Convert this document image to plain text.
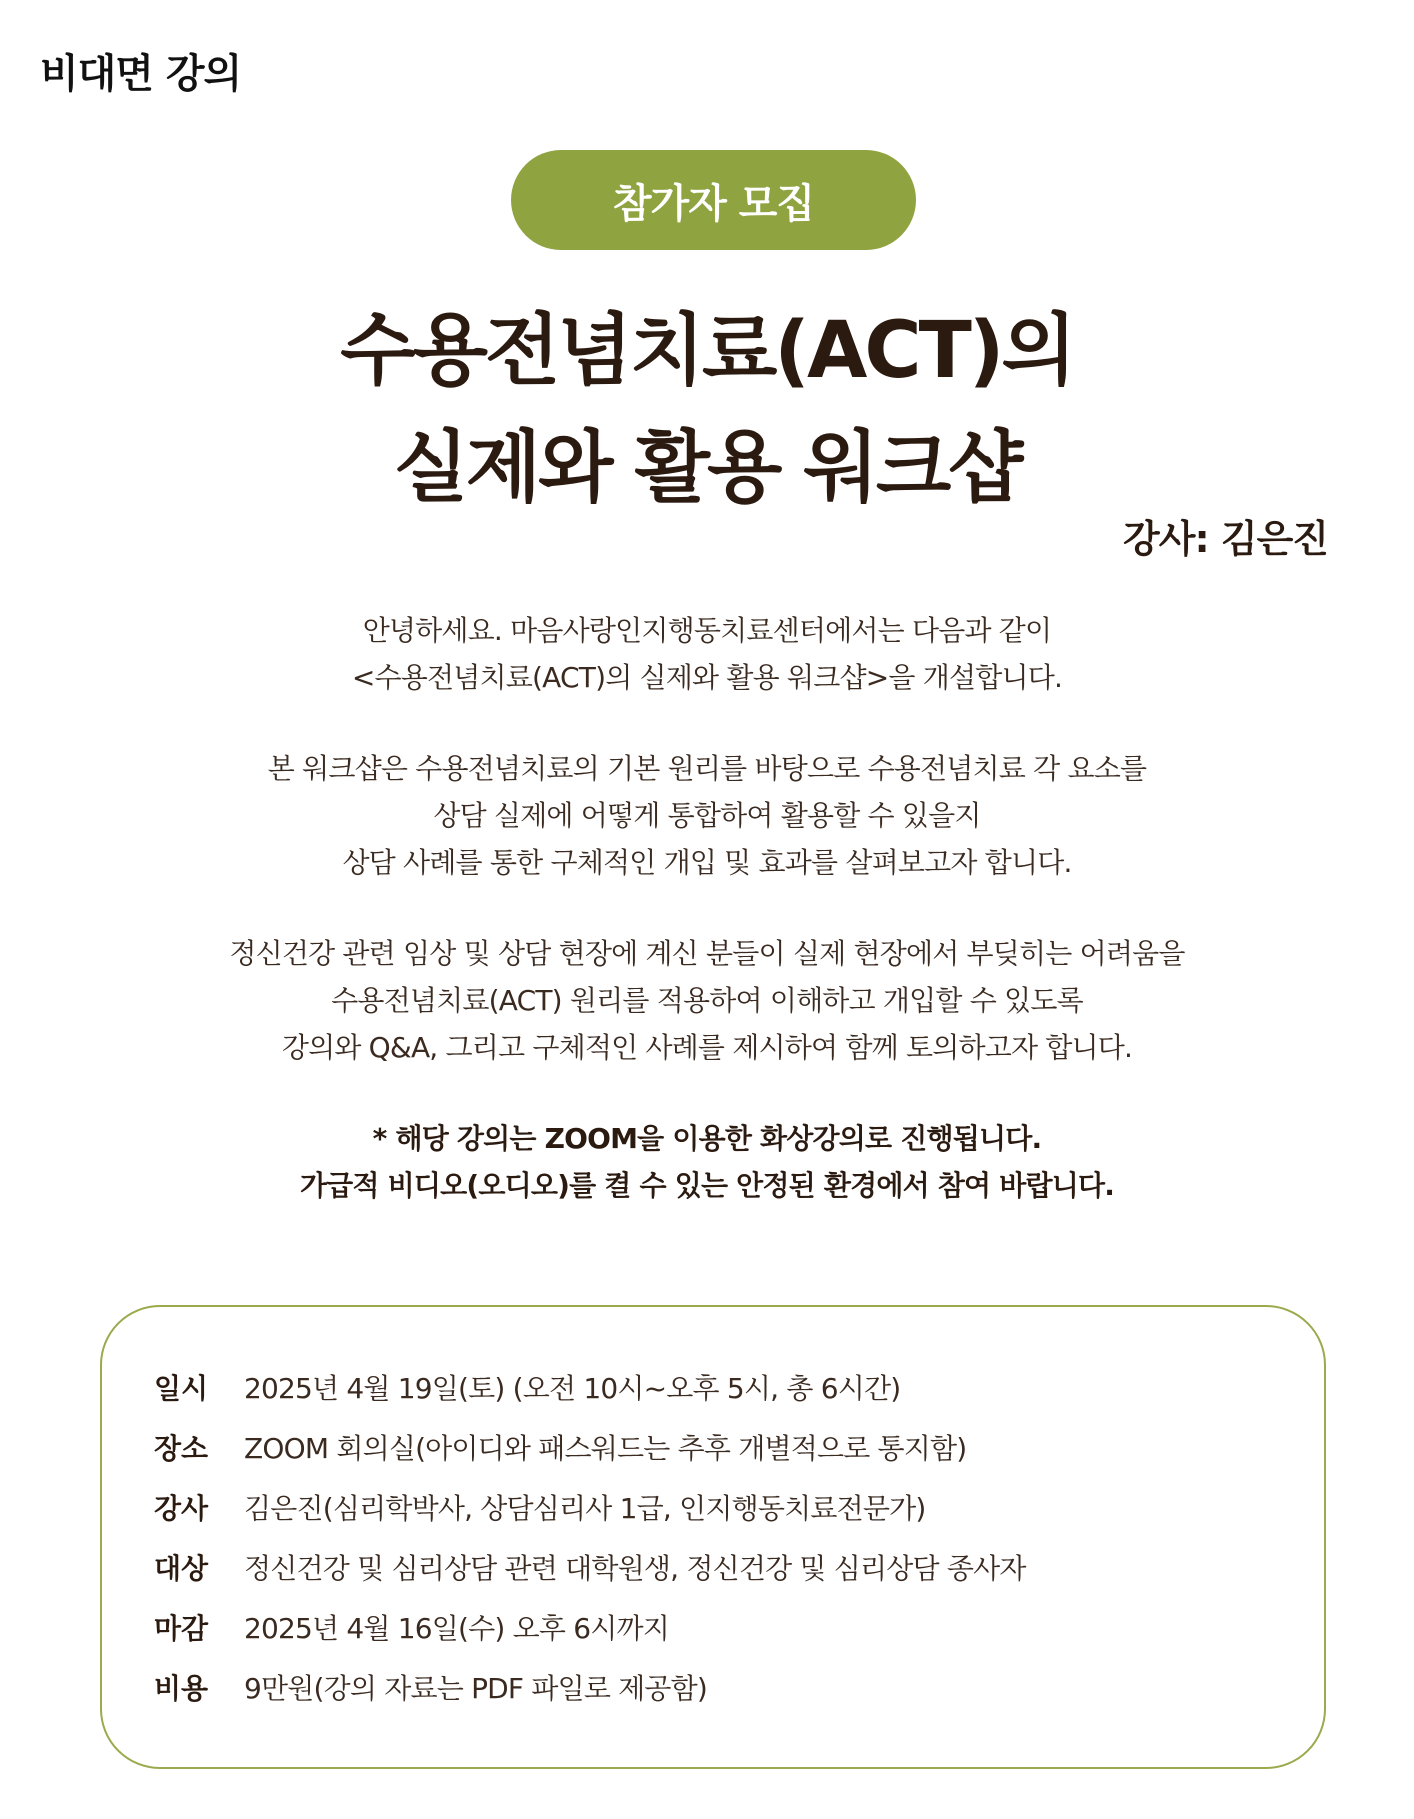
비대면 강의
참가자 모집
수용전념치료(ACT)의
실제와 활용 워크샵
강사: 김은진
안녕하세요. 마음사랑인지행동치료센터에서는 다음과 같이
<수용전념치료(ACT)의 실제와 활용 워크샵>을 개설합니다.
본 워크샵은 수용전념치료의 기본 원리를 바탕으로 수용전념치료 각 요소를
상담 실제에 어떻게 통합하여 활용할 수 있을지
상담 사례를 통한 구체적인 개입 및 효과를 살펴보고자 합니다.
정신건강 관련 임상 및 상담 현장에 계신 분들이 실제 현장에서 부딪히는 어려움을
수용전념치료(ACT) 원리를 적용하여 이해하고 개입할 수 있도록
강의와 Q&A, 그리고 구체적인 사례를 제시하여 함께 토의하고자 합니다.
* 해당 강의는 ZOOM을 이용한 화상강의로 진행됩니다.
가급적 비디오(오디오)를 켤 수 있는 안정된 환경에서 참여 바랍니다.
일시 2025년 4월 19일(토) (오전 10시~오후 5시, 총 6시간)
장소 ZOOM 회의실(아이디와 패스워드는 추후 개별적으로 통지함)
강사 김은진(심리학박사, 상담심리사 1급, 인지행동치료전문가)
대상 정신건강 및 심리상담 관련 대학원생, 정신건강 및 심리상담 종사자
마감 2025년 4월 16일(수) 오후 6시까지
비용 9만원(강의 자료는 PDF 파일로 제공함)
